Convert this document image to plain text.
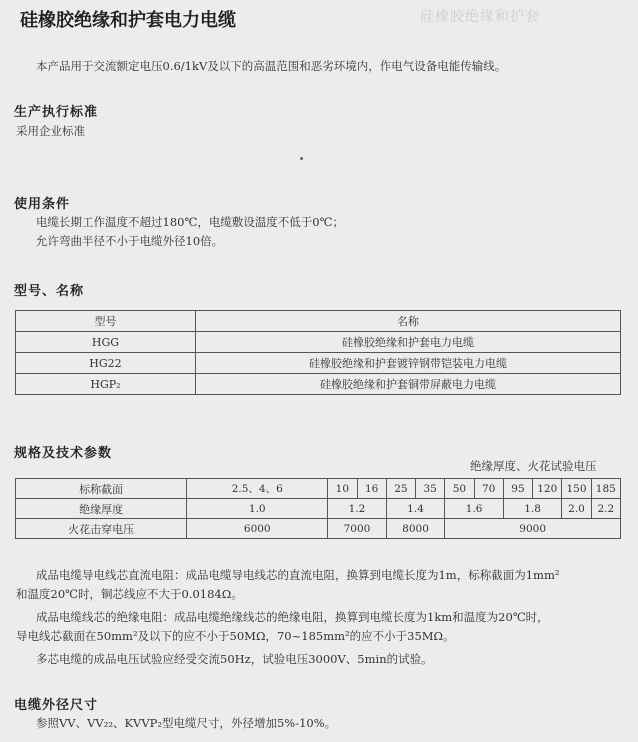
硅橡胶绝缘和护套
硅橡胶绝缘和护套电力电缆
本产品用于交流额定电压0.6/1kV及以下的高温范围和恶劣环境内，作电气设备电能传输线。
生产执行标准
采用企业标准
使用条件
电缆长期工作温度不超过180℃，电缆敷设温度不低于0℃；
允许弯曲半径不小于电缆外径10倍。
型号、名称
型号	名称
HGG	硅橡胶绝缘和护套电力电缆
HG22	硅橡胶绝缘和护套镀锌钢带铠装电力电缆
HGP₂	硅橡胶绝缘和护套铜带屏蔽电力电缆
规格及技术参数
绝缘厚度、火花试验电压
标称截面	2.5、4、6	10	16	25	35	50	70	95	120	150	185
绝缘厚度	1.0	1.2		1.4		1.6		1.8		2.0	2.2
火花击穿电压	6000	7000		8000		9000					
成品电缆导电线芯直流电阻：成品电缆导电线芯的直流电阻，换算到电缆长度为1m，标称截面为1mm²
和温度20℃时，铜芯线应不大于0.0184Ω。
成品电缆线芯的绝缘电阻：成品电缆绝缘线芯的绝缘电阻，换算到电缆长度为1km和温度为20℃时，
导电线芯截面在50mm²及以下的应不小于50MΩ，70~185mm²的应不小于35MΩ。
多芯电缆的成品电压试验应经受交流50Hz，试验电压3000V、5min的试验。
电缆外径尺寸
参照VV、VV₂₂、KVVP₂型电缆尺寸，外径增加5%-10%。
